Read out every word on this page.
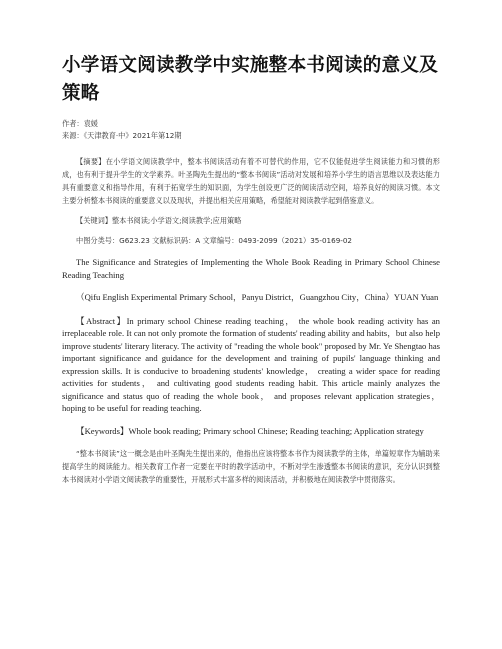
小学语文阅读教学中实施整本书阅读的意义及策略
作者：袁媛
来源：《天津教育·中》2021年第12期

【摘要】在小学语文阅读教学中，整本书阅读活动有着不可替代的作用，它不仅能促进学生阅读能力和习惯的形成，也有利于提升学生的文学素养。叶圣陶先生提出的“整本书阅读”活动对发展和培养小学生的语言思维以及表达能力具有重要意义和指导作用，有利于拓宽学生的知识面，为学生创设更广泛的阅读活动空间，培养良好的阅读习惯。本文主要分析整本书阅读的重要意义以及现状，并提出相关应用策略，希望能对阅读教学起到借鉴意义。

【关键词】整本书阅读;小学语文;阅读教学;应用策略
中图分类号：G623.23 文献标识码：A 文章编号：0493-2099（2021）35-0169-02
The Significance and Strategies of Implementing the Whole Book Reading in Primary School Chinese Reading Teaching
（Qifu English Experimental Primary School，Panyu District，Guangzhou City，China）YUAN Yuan
【Abstract】In primary school Chinese reading teaching， the whole book reading activity has an irreplaceable role. It can not only promote the formation of students' reading ability and habits，but also help improve students' literary literacy. The activity of "reading the whole book" proposed by Mr. Ye Shengtao has important significance and guidance for the development and training of pupils' language thinking and expression skills. It is conducive to broadening students' knowledge， creating a wider space for reading activities for students， and cultivating good students reading habit. This article mainly analyzes the significance and status quo of reading the whole book， and proposes relevant application strategies， hoping to be useful for reading teaching.
【Keywords】Whole book reading; Primary school Chinese; Reading teaching; Application strategy

“整本书阅读”这一概念是由叶圣陶先生提出来的，他指出应该将整本书作为阅读教学的主体，单篇短章作为辅助来提高学生的阅读能力。相关教育工作者一定要在平时的教学活动中，不断对学生渗透整本书阅读的意识，充分认识到整本书阅读对小学语文阅读教学的重要性，开展形式丰富多样的阅读活动，并积极地在阅读教学中贯彻落实。
